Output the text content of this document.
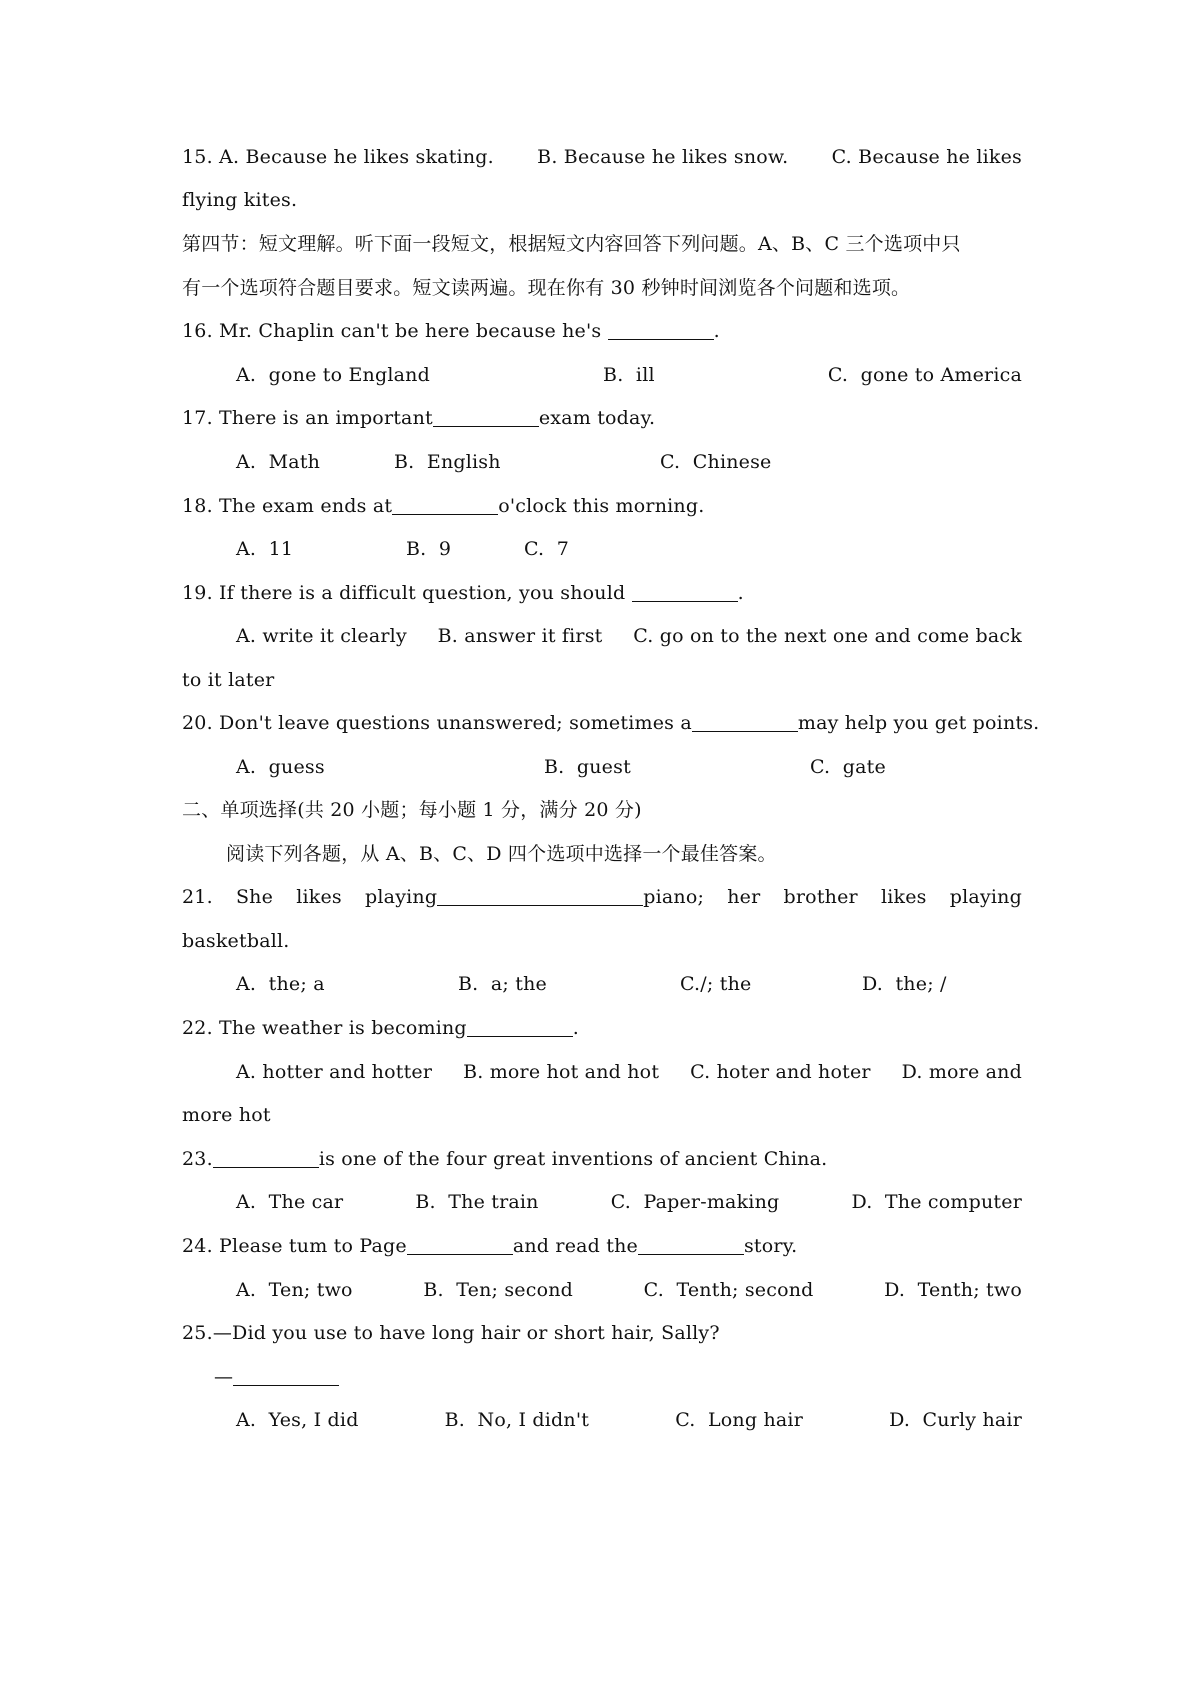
15. A. Because he likes skating. B. Because he likes snow. C. Because he likes
flying kites.
第四节：短文理解。听下面一段短文，根据短文内容回答下列问题。A、B、C 三个选项中只
有一个选项符合题目要求。短文读两遍。现在你有 30 秒钟时间浏览各个问题和选项。
16. Mr. Chaplin can't be here because he's	.
A.  gone to England	B.  ill	C.  gone to America
17. There is an important	exam today.
A.  Math	B.  English	C.  Chinese
18. The exam ends at	o'clock this morning.
A.  11	B.  9	C.  7
19. If there is a difficult question, you should	.
A. write it clearly B. answer it first C. go on to the next one and come back
to it later
20. Don't leave questions unanswered; sometimes a	may help you get points.
A.  guess	B.  guest	C.  gate
二、单项选择(共 20 小题；每小题 1 分，满分 20 分)
阅读下列各题，从 A、B、C、D 四个选项中选择一个最佳答案。
21. She likes playing	piano; her brother likes playing
basketball.
A.  the; a	B.  a; the	C./; the	D.  the; /
22. The weather is becoming	.
A. hotter and hotter B. more hot and hot C. hoter and hoter D. more and
more hot
23.	is one of the four great inventions of ancient China.
A.  The car	B.  The train	C.  Paper-making	D.  The computer
24. Please tum to Page	and read the	story.
A.  Ten; two	B.  Ten; second	C.  Tenth; second	D.  Tenth; two
25.—Did you use to have long hair or short hair, Sally?
—
A.  Yes, I did	B.  No, I didn't	C.  Long hair	D.  Curly hair
